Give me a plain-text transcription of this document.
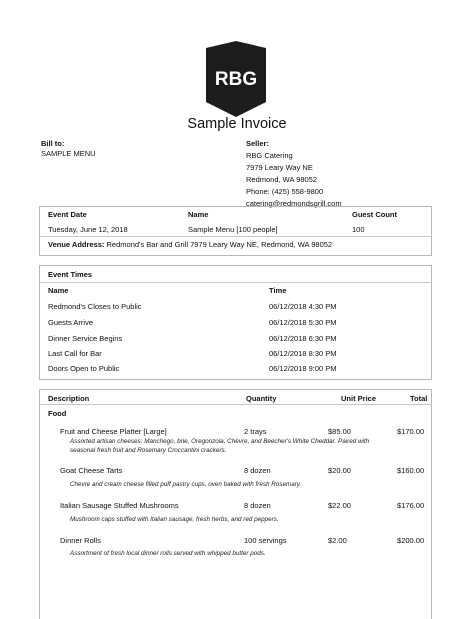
RBG
Sample Invoice
Bill to:
SAMPLE MENU
Seller:
RBG Catering
7979 Leary Way NE
Redmond, WA 98052
Phone: (425) 558-9800
catering@redmondsgrill.com
Event Date	Name	Guest Count
Tuesday, June 12, 2018	Sample Menu [100 people]	100
Venue Address: Redmond's Bar and Grill 7979 Leary Way NE, Redmond, WA 98052
Event Times
Name	Time
Redmond's Closes to Public	06/12/2018 4:30 PM
Guests Arrive	06/12/2018 5:30 PM
Dinner Service Begins	06/12/2018 6:30 PM
Last Call for Bar	06/12/2018 8:30 PM
Doors Open to Public	06/12/2018 9:00 PM
Description	Quantity	Unit Price	Total
Food
Fruit and Cheese Platter [Large]	2 trays	$85.00	$170.00
Assorted artisan cheeses: Manchego, brie, Oregonzola, Chèvre, and Beecher's White Cheddar. Paired with
seasonal fresh fruit and Rosemary Croccantini crackers.
Goat Cheese Tarts	8 dozen	$20.00	$160.00
Chevre and cream cheese filled puff pastry cups, oven baked with fresh Rosemary.
Italian Sausage Stuffed Mushrooms	8 dozen	$22.00	$176.00
Mushroom caps stuffed with Italian sausage, fresh herbs, and red peppers.
Dinner Rolls	100 servings	$2.00	$200.00
Assortment of fresh local dinner rolls served with whipped butter pods.
